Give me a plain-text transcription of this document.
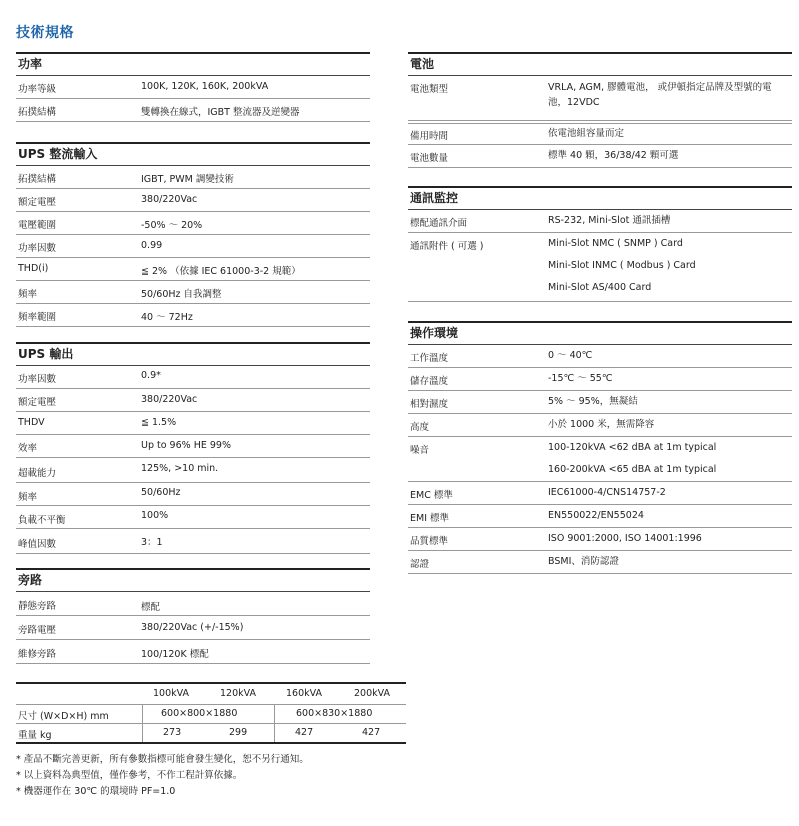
技術規格
功率
功率等級	100K, 120K, 160K, 200kVA
拓撲結構	雙轉換在線式，IGBT 整流器及逆變器
UPS 整流輸入
拓撲結構	IGBT, PWM 調變技術
額定電壓	380/220Vac
電壓範圍	-50% ～ 20%
功率因數	0.99
THD(i)	≦ 2% （依據 IEC 61000-3-2 規範）
頻率	50/60Hz 自我調整
頻率範圍	40 ～ 72Hz
UPS 輸出
功率因數	0.9*
額定電壓	380/220Vac
THDV	≦ 1.5%
效率	Up to 96% HE 99%
超載能力	125%, >10 min.
頻率	50/60Hz
負載不平衡	100%
峰值因數	3：1
旁路
靜態旁路	標配
旁路電壓	380/220Vac (+/-15%)
維修旁路	100/120K 標配
電池
電池類型	VRLA, AGM, 膠體電池， 或伊頓指定品牌及型號的電池，12VDC
備用時間	依電池組容量而定
電池數量	標準 40 顆，36/38/42 顆可選
通訊監控
標配通訊介面	RS-232, Mini-Slot 通訊插槽
通訊附件 ( 可選 )	Mini-Slot NMC ( SNMP ) Card
Mini-Slot INMC ( Modbus ) Card
Mini-Slot AS/400 Card
操作環境
工作溫度	0 ～ 40℃
儲存溫度	-15℃ ～ 55℃
相對濕度	5% ～ 95%，無凝結
高度	小於 1000 米，無需降容
噪音	100-120kVA <62 dBA at 1m typical
160-200kVA <65 dBA at 1m typical
EMC 標準	IEC61000-4/CNS14757-2
EMI 標準	EN550022/EN55024
品質標準	ISO 9001:2000, ISO 14001:1996
認證	BSMI、消防認證
100kVA	120kVA	160kVA	200kVA
尺寸 (W×D×H) mm	600×800×1880	600×830×1880
重量 kg	273	299	427	427
* 產品不斷完善更新，所有參數指標可能會發生變化，恕不另行通知。
* 以上資料為典型值，僅作參考，不作工程計算依據。
* 機器運作在 30℃ 的環境時 PF=1.0
